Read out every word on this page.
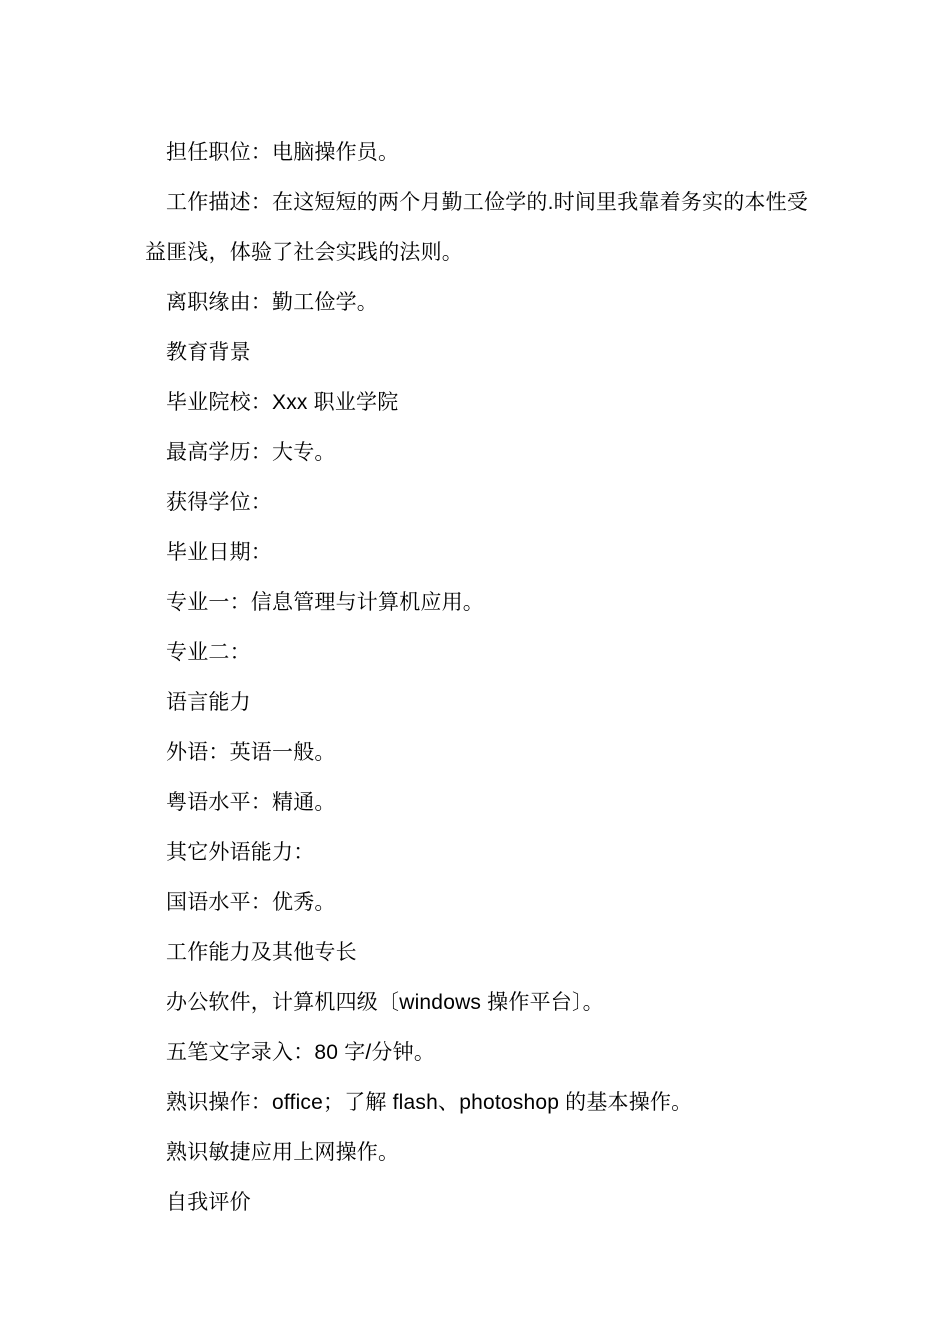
担任职位：电脑操作员。

工作描述：在这短短的两个月勤工俭学的.时间里我靠着务实的本性受益匪浅，体验了社会实践的法则。

离职缘由：勤工俭学。

教育背景

毕业院校：Xxx 职业学院

最高学历：大专。

获得学位：

毕业日期：

专业一：信息管理与计算机应用。

专业二：

语言能力

外语：英语一般。

粤语水平：精通。

其它外语能力：

国语水平：优秀。

工作能力及其他专长

办公软件，计算机四级〔windows 操作平台〕。

五笔文字录入：80 字/分钟。

熟识操作：office；了解 flash、photoshop 的基本操作。

熟识敏捷应用上网操作。

自我评价
